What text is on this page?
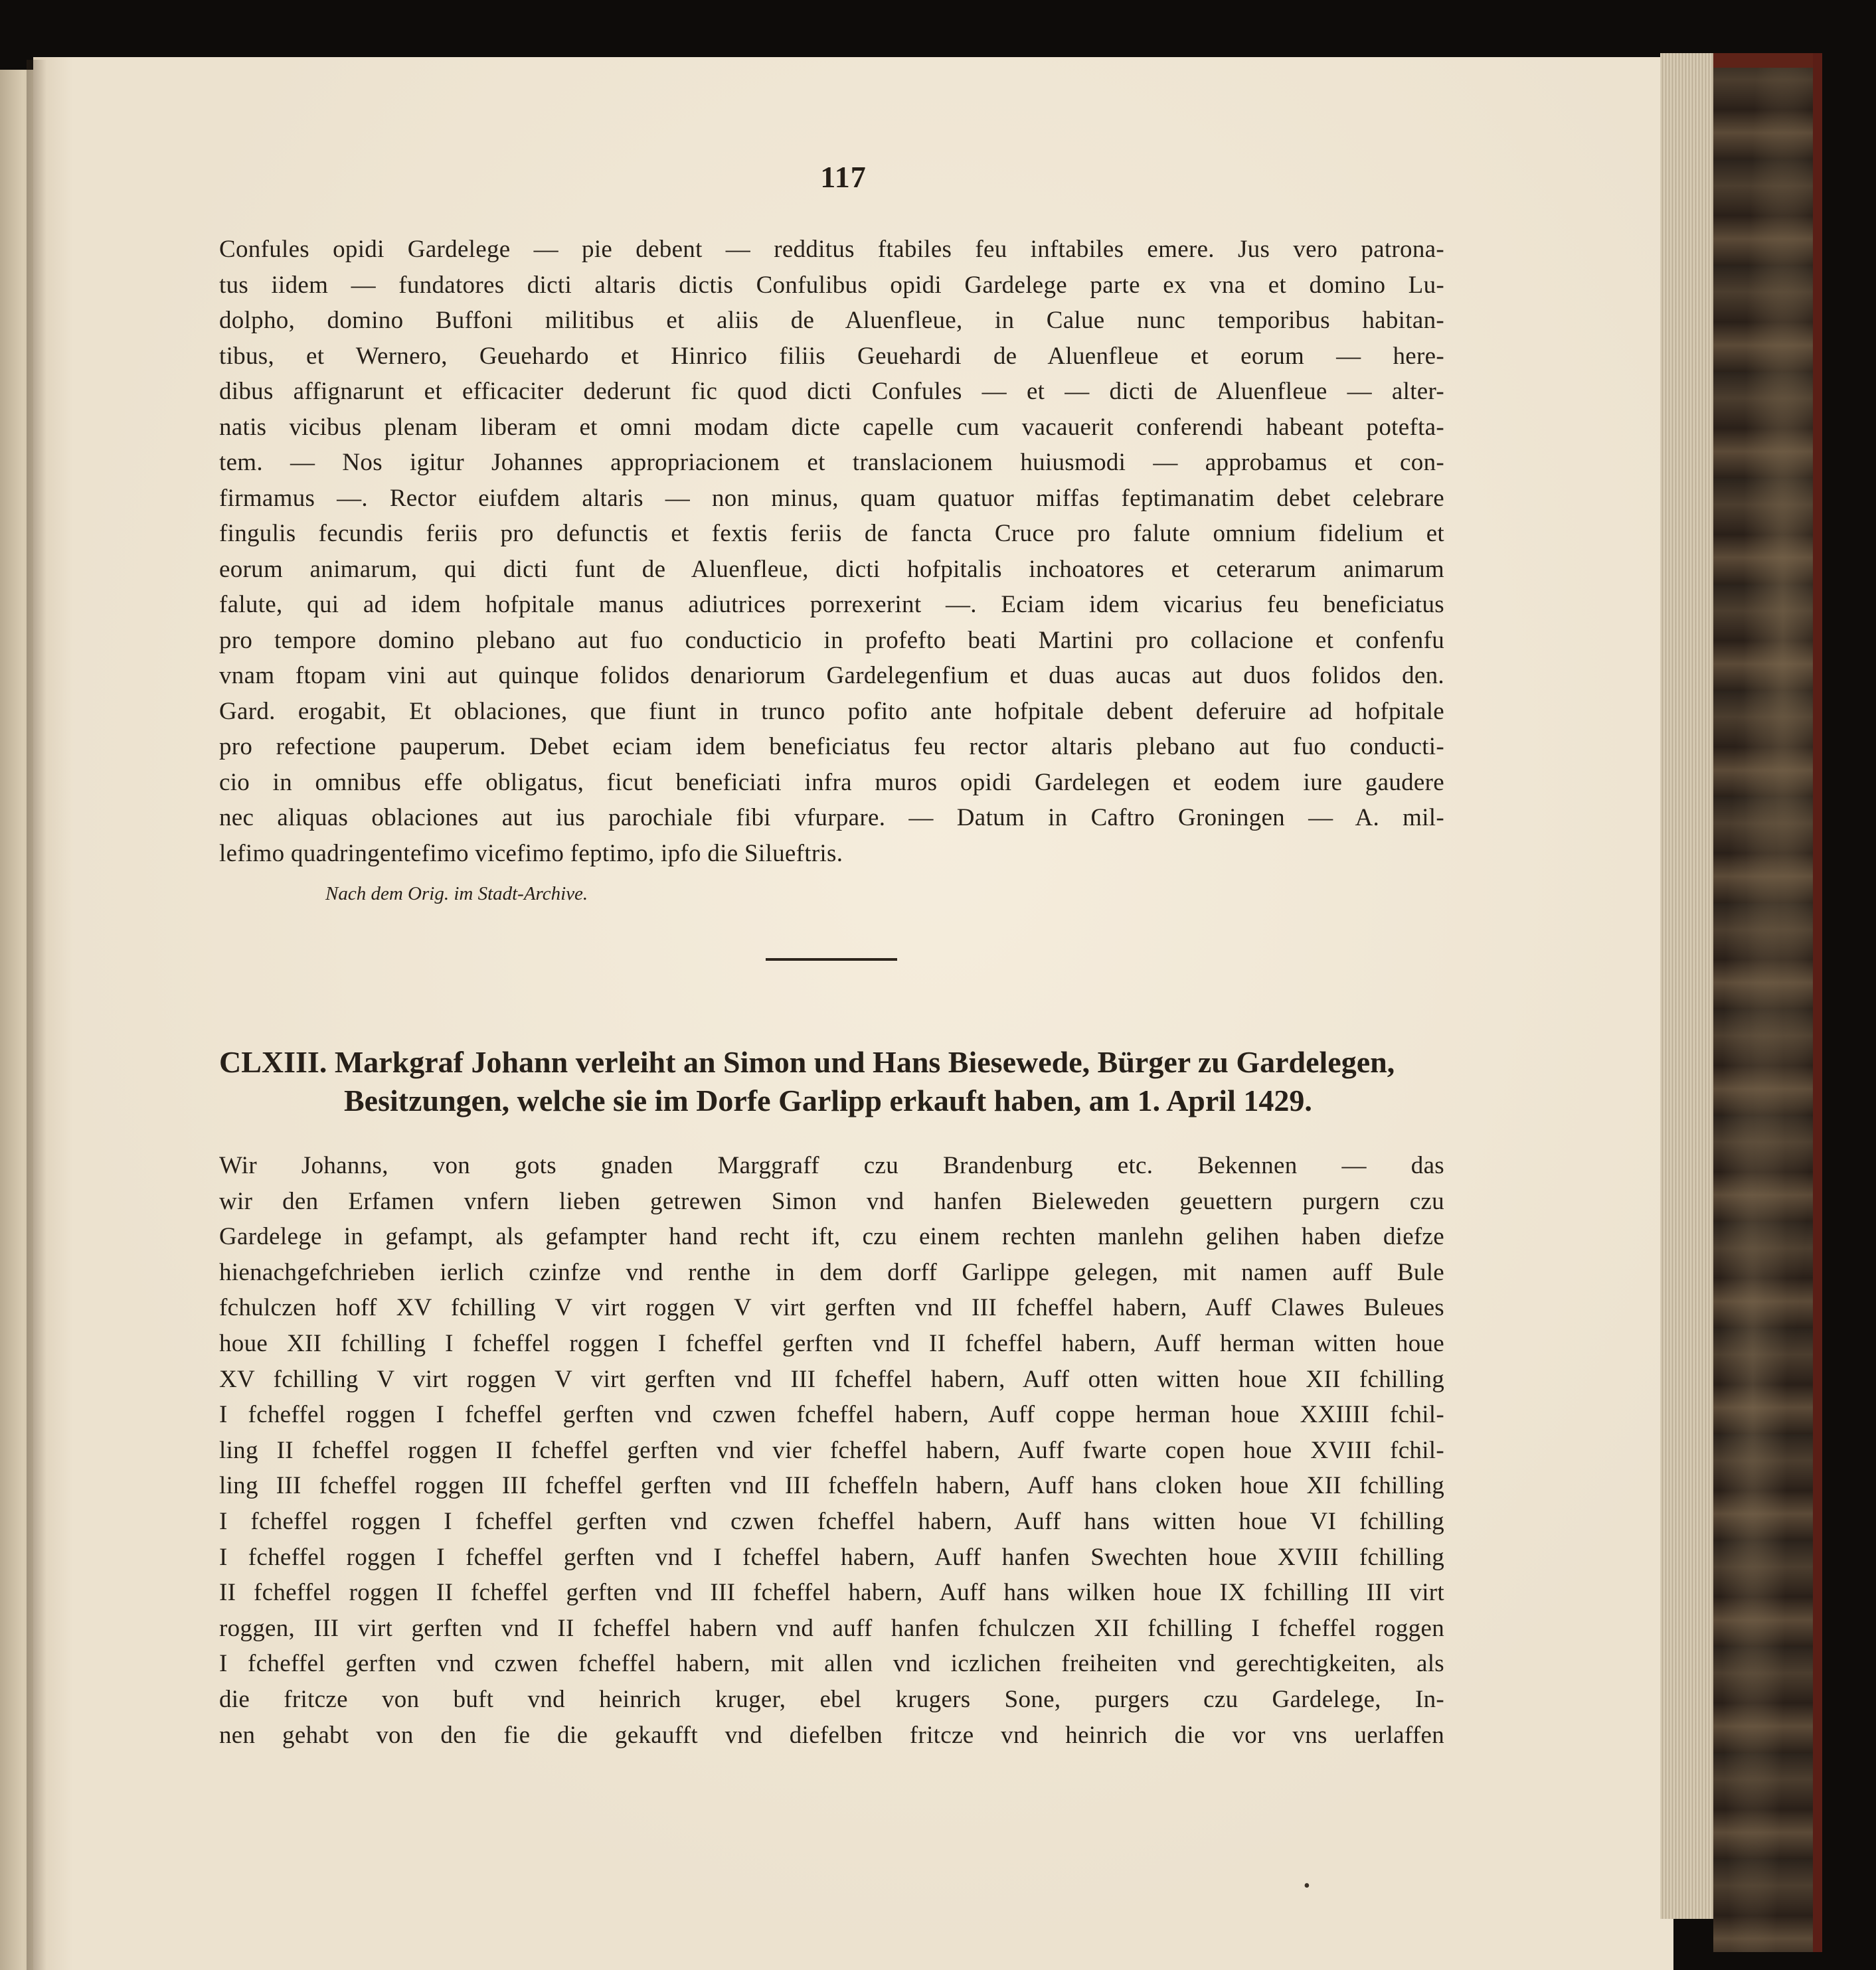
117
Confules opidi Gardelege — pie debent — redditus ftabiles feu inftabiles emere. Jus vero patrona-
tus iidem — fundatores dicti altaris dictis Confulibus opidi Gardelege parte ex vna et domino Lu-
dolpho, domino Buffoni militibus et aliis de Aluenfleue, in Calue nunc temporibus habitan-
tibus, et Wernero, Geuehardo et Hinrico filiis Geuehardi de Aluenfleue et eorum — here-
dibus affignarunt et efficaciter dederunt fic quod dicti Confules — et — dicti de Aluenfleue — alter-
natis vicibus plenam liberam et omni modam dicte capelle cum vacauerit conferendi habeant potefta-
tem. — Nos igitur Johannes appropriacionem et translacionem huiusmodi — approbamus et con-
firmamus —. Rector eiufdem altaris — non minus, quam quatuor miffas feptimanatim debet celebrare
fingulis fecundis feriis pro defunctis et fextis feriis de fancta Cruce pro falute omnium fidelium et
eorum animarum, qui dicti funt de Aluenfleue, dicti hofpitalis inchoatores et ceterarum animarum
falute, qui ad idem hofpitale manus adiutrices porrexerint —. Eciam idem vicarius feu beneficiatus
pro tempore domino plebano aut fuo conducticio in profefto beati Martini pro collacione et confenfu
vnam ftopam vini aut quinque folidos denariorum Gardelegenfium et duas aucas aut duos folidos den.
Gard. erogabit, Et oblaciones, que fiunt in trunco pofito ante hofpitale debent deferuire ad hofpitale
pro refectione pauperum. Debet eciam idem beneficiatus feu rector altaris plebano aut fuo conducti-
cio in omnibus effe obligatus, ficut beneficiati infra muros opidi Gardelegen et eodem iure gaudere
nec aliquas oblaciones aut ius parochiale fibi vfurpare. — Datum in Caftro Groningen — A. mil-
lefimo quadringentefimo vicefimo feptimo, ipfo die Silueftris.
Nach dem Orig. im Stadt-Archive.
CLXIII. Markgraf Johann verleiht an Simon und Hans Biesewede, Bürger zu Gardelegen,
Besitzungen, welche sie im Dorfe Garlipp erkauft haben, am 1. April 1429.
Wir Johanns, von gots gnaden Marggraff czu Brandenburg etc. Bekennen — das
wir den Erfamen vnfern lieben getrewen Simon vnd hanfen Bieleweden geuettern purgern czu
Gardelege in gefampt, als gefampter hand recht ift, czu einem rechten manlehn gelihen haben diefze
hienachgefchrieben ierlich czinfze vnd renthe in dem dorff Garlippe gelegen, mit namen auff Bule
fchulczen hoff XV fchilling V virt roggen V virt gerften vnd III fcheffel habern, Auff Clawes Buleues
houe XII fchilling I fcheffel roggen I fcheffel gerften vnd II fcheffel habern, Auff herman witten houe
XV fchilling V virt roggen V virt gerften vnd III fcheffel habern, Auff otten witten houe XII fchilling
I fcheffel roggen I fcheffel gerften vnd czwen fcheffel habern, Auff coppe herman houe XXIIII fchil-
ling II fcheffel roggen II fcheffel gerften vnd vier fcheffel habern, Auff fwarte copen houe XVIII fchil-
ling III fcheffel roggen III fcheffel gerften vnd III fcheffeln habern, Auff hans cloken houe XII fchilling
I fcheffel roggen I fcheffel gerften vnd czwen fcheffel habern, Auff hans witten houe VI fchilling
I fcheffel roggen I fcheffel gerften vnd I fcheffel habern, Auff hanfen Swechten houe XVIII fchilling
II fcheffel roggen II fcheffel gerften vnd III fcheffel habern, Auff hans wilken houe IX fchilling III virt
roggen, III virt gerften vnd II fcheffel habern vnd auff hanfen fchulczen XII fchilling I fcheffel roggen
I fcheffel gerften vnd czwen fcheffel habern, mit allen vnd iczlichen freiheiten vnd gerechtigkeiten, als
die fritcze von buft vnd heinrich kruger, ebel krugers Sone, purgers czu Gardelege, In-
nen gehabt von den fie die gekaufft vnd diefelben fritcze vnd heinrich die vor vns uerlaffen
•
